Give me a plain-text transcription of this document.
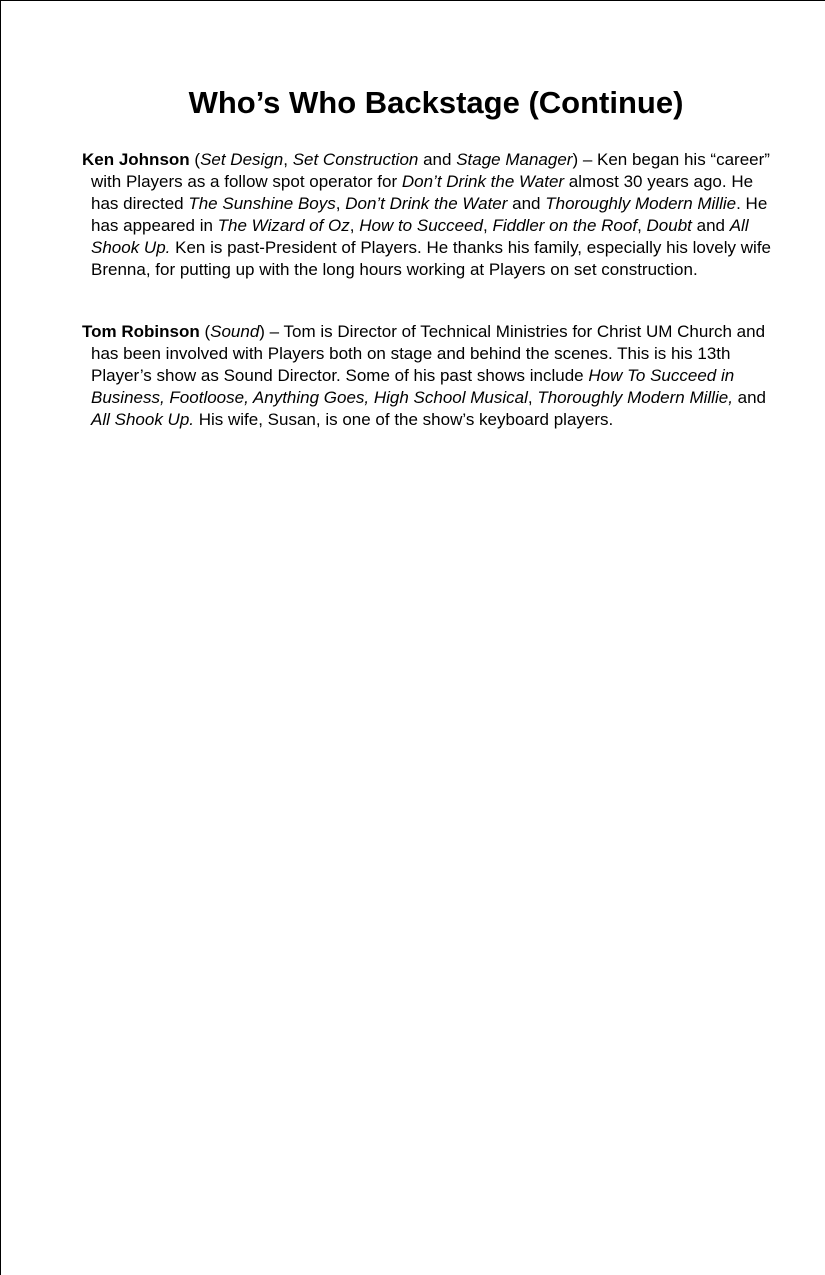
Who’s Who Backstage (Continue)

Ken Johnson (Set Design, Set Construction and Stage Manager) – Ken began his “career” with Players as a follow spot operator for Don’t Drink the Water almost 30 years ago. He has directed The Sunshine Boys, Don’t Drink the Water and Thoroughly Modern Millie. He has appeared in The Wizard of Oz, How to Succeed, Fiddler on the Roof, Doubt and All Shook Up. Ken is past-President of Players. He thanks his family, especially his lovely wife Brenna, for putting up with the long hours working at Players on set construction.

Tom Robinson (Sound) – Tom is Director of Technical Ministries for Christ UM Church and has been involved with Players both on stage and behind the scenes. This is his 13th Player’s show as Sound Director. Some of his past shows include How To Succeed in Business, Footloose, Anything Goes, High School Musical, Thoroughly Modern Millie, and All Shook Up. His wife, Susan, is one of the show’s keyboard players.
